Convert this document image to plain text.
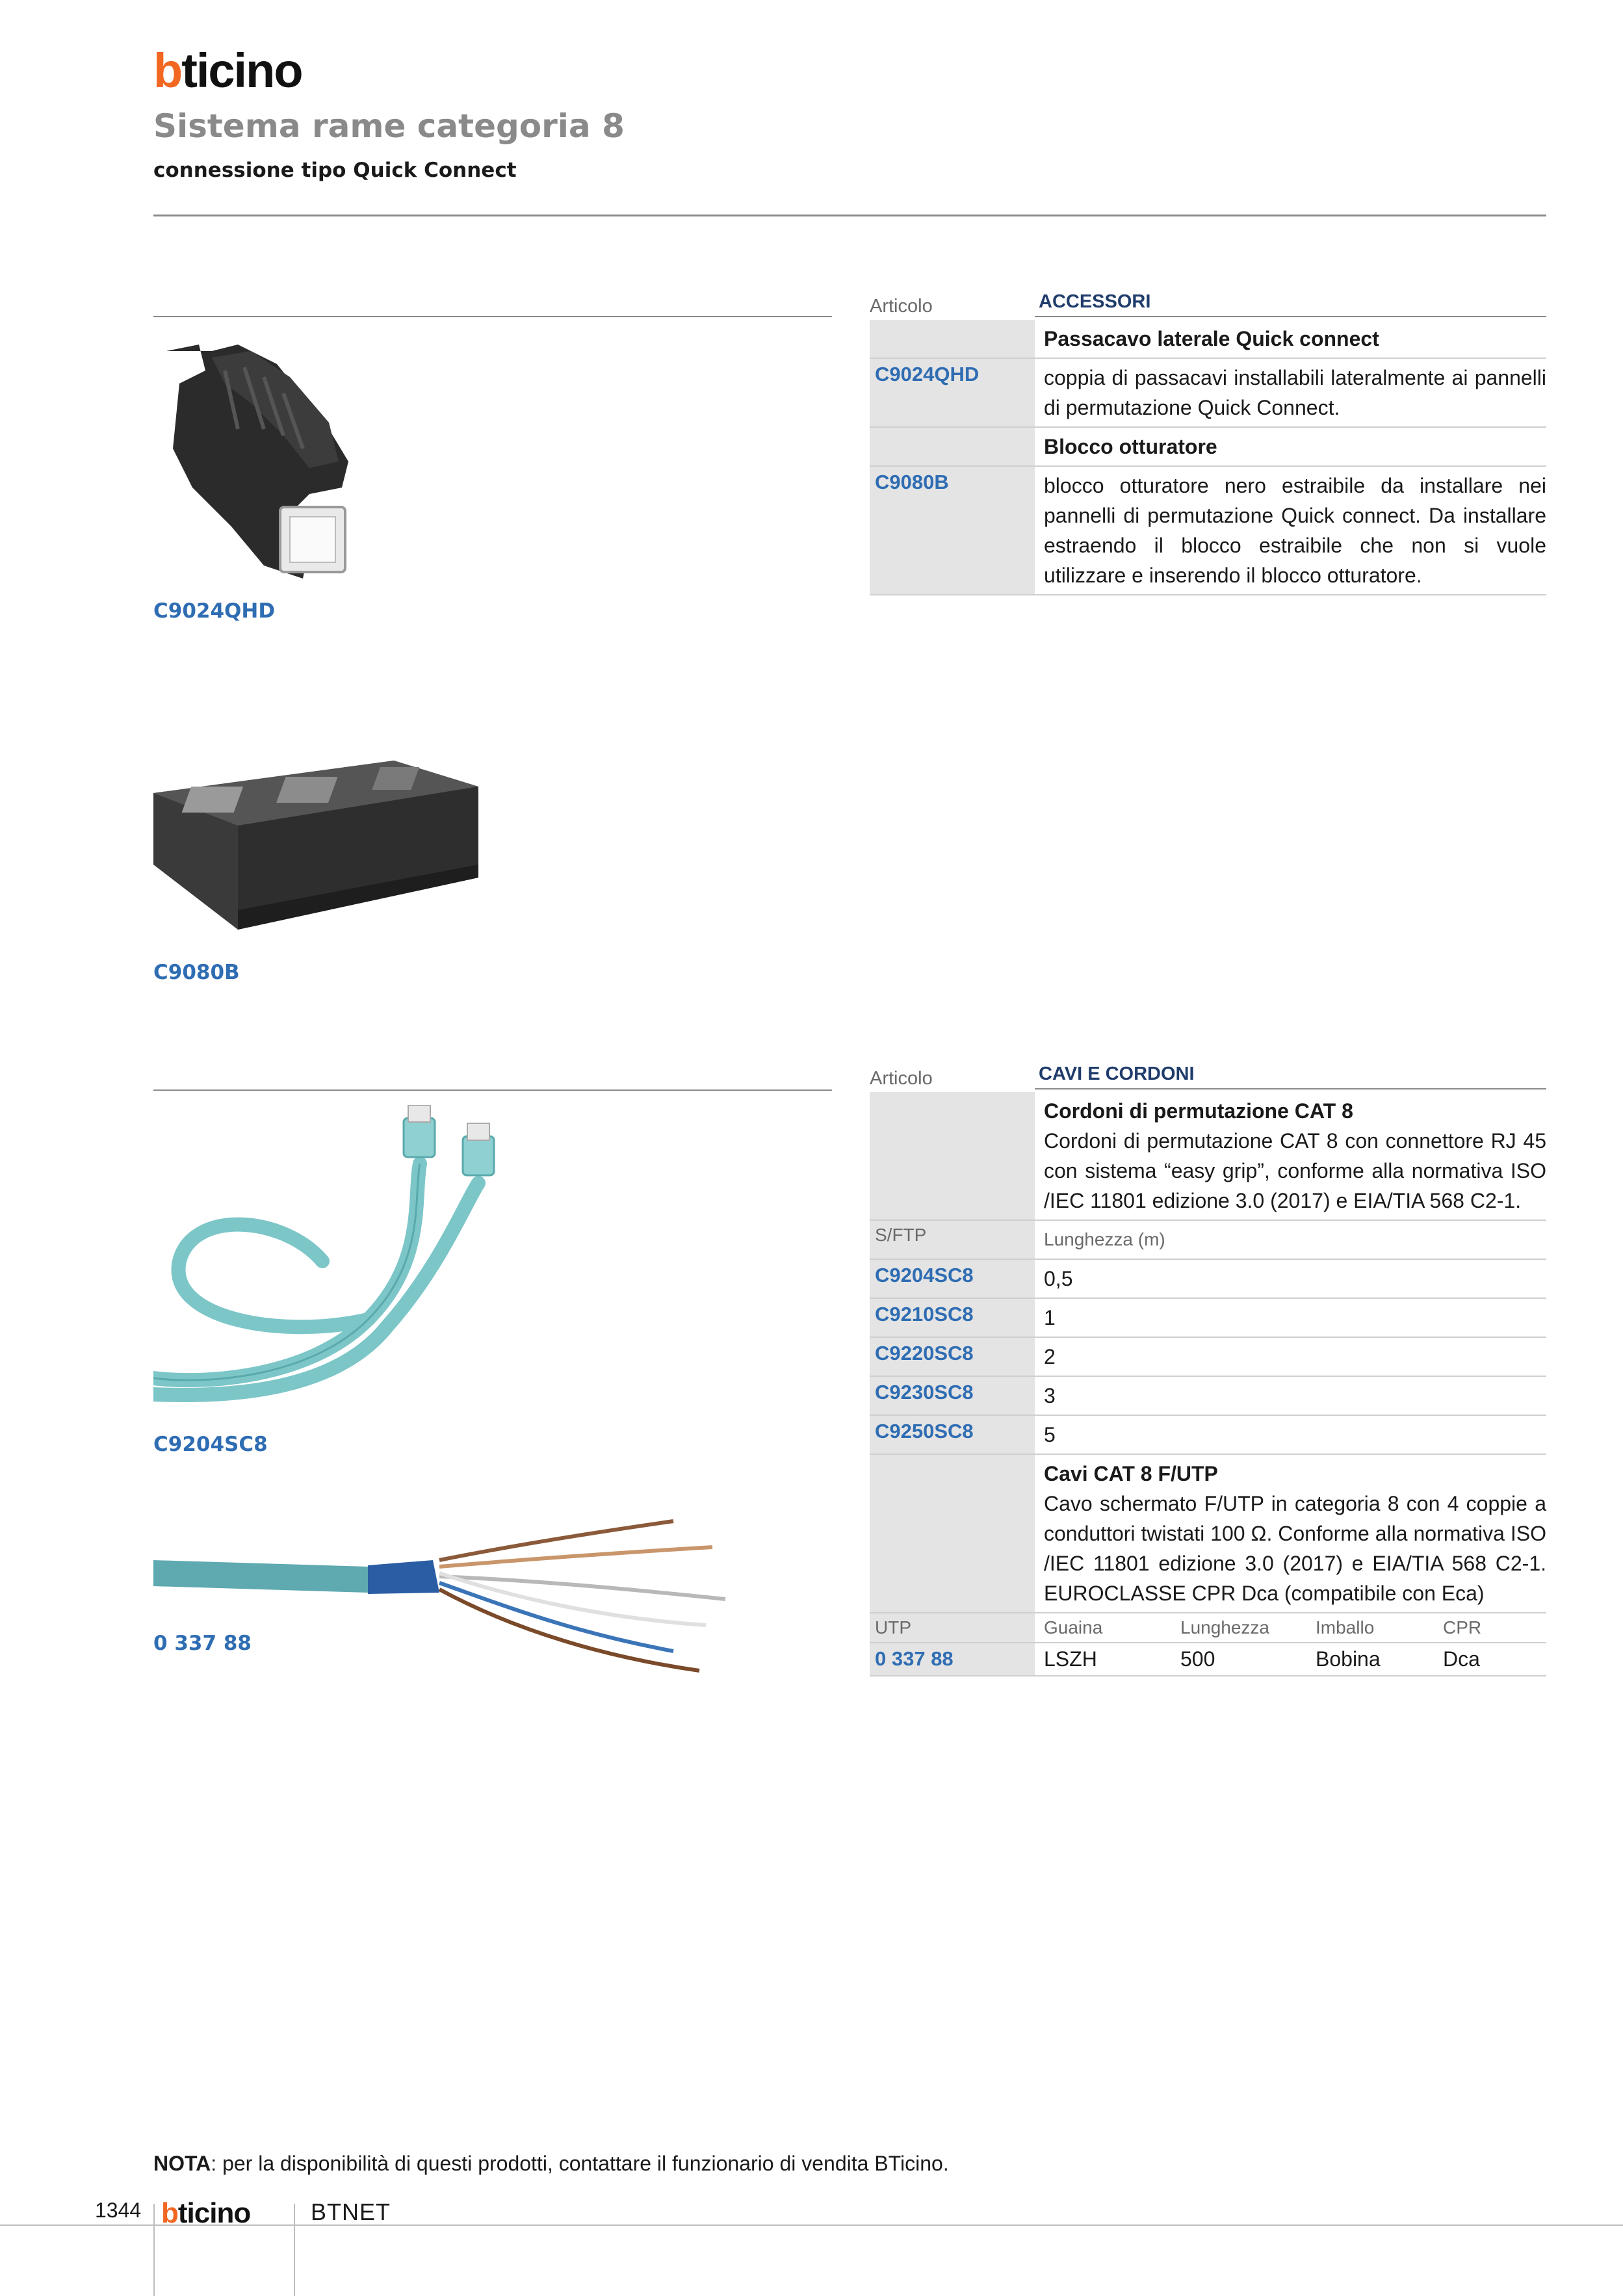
bticino
Sistema rame categoria 8
connessione tipo Quick Connect
C9024QHD
C9080B
C9204SC8
0 337 88
Articolo	ACCESSORI
Passacavo laterale Quick connect
C9024QHD	coppia di passacavi installabili lateralmente ai pannelli di permutazione Quick Connect.
Blocco otturatore
C9080B	blocco otturatore nero estraibile da installare nei pannelli di permutazione Quick connect. Da installare estraendo il blocco estraibile che non si vuole utilizzare e inserendo il blocco otturatore.
Articolo	CAVI E CORDONI
Cordoni di permutazione CAT 8
Cordoni di permutazione CAT 8 con connettore RJ 45 con sistema “easy grip”, conforme alla normativa ISO /IEC 11801 edizione 3.0 (2017) e EIA/TIA 568 C2-1.
S/FTP	Lunghezza (m)
C9204SC8	0,5
C9210SC8	1
C9220SC8	2
C9230SC8	3
C9250SC8	5
Cavi CAT 8 F/UTP
Cavo schermato F/UTP in categoria 8 con 4 coppie a conduttori twistati 100 Ω. Conforme alla normativa ISO /IEC 11801 edizione 3.0 (2017) e EIA/TIA 568 C2-1. EUROCLASSE CPR Dca (compatibile con Eca)
UTP	Guaina	Lunghezza	Imballo	CPR
0 337 88	LSZH	500	Bobina	Dca
NOTA: per la disponibilità di questi prodotti, contattare il funzionario di vendita BTicino.
1344 bticino	BTNET
